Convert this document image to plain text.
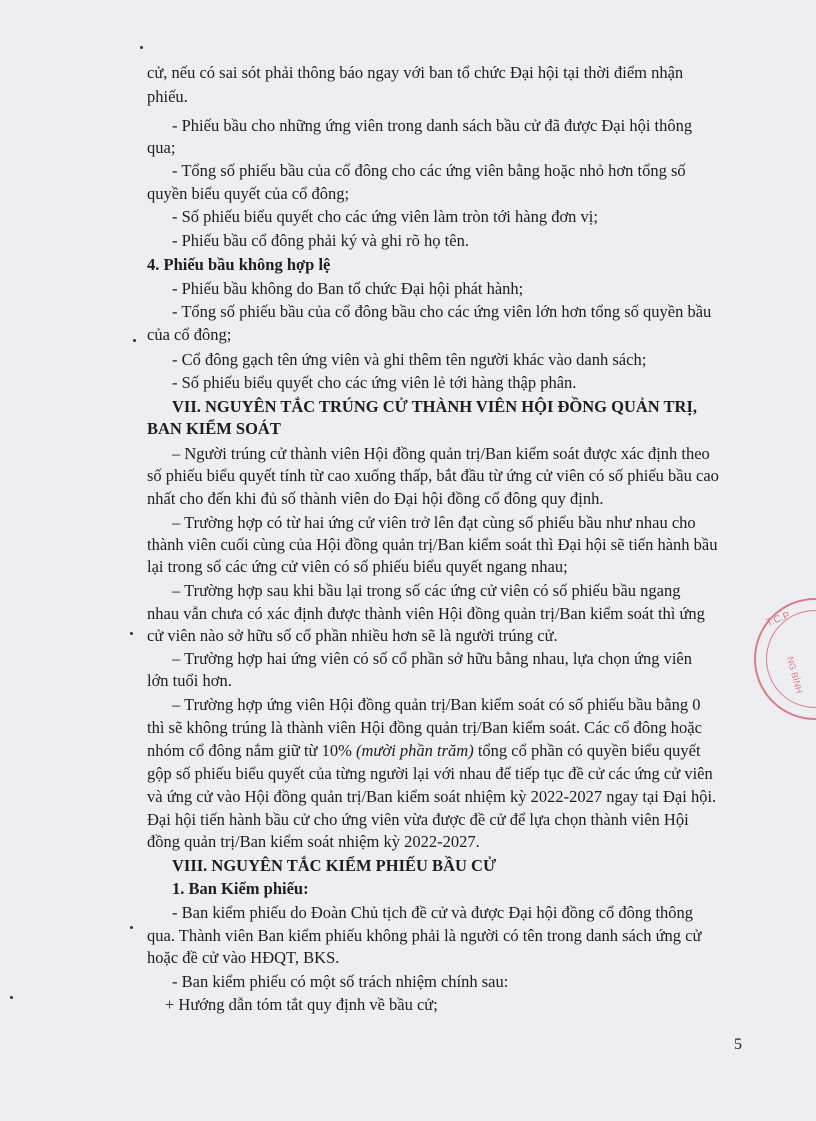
cử, nếu có sai sót phải thông báo ngay với ban tổ chức Đại hội tại thời điểm nhận

phiếu.

- Phiếu bầu cho những ứng viên trong danh sách bầu cử đã được Đại hội thông

qua;

- Tổng số phiếu bầu của cổ đông cho các ứng viên bằng hoặc nhỏ hơn tổng số

quyền biểu quyết của cổ đông;

- Số phiếu biểu quyết cho các ứng viên làm tròn tới hàng đơn vị;

- Phiếu bầu cổ đông phải ký và ghi rõ họ tên.

4. Phiếu bầu không hợp lệ

- Phiếu bầu không do Ban tổ chức Đại hội phát hành;

- Tổng số phiếu bầu của cổ đông bầu cho các ứng viên lớn hơn tổng số quyền bầu

của cổ đông;

- Cổ đông gạch tên ứng viên và ghi thêm tên người khác vào danh sách;

- Số phiếu biểu quyết cho các ứng viên lẻ tới hàng thập phân.

VII. NGUYÊN TẮC TRÚNG CỬ THÀNH VIÊN HỘI ĐỒNG QUẢN TRỊ,

BAN KIỂM SOÁT

– Người trúng cử thành viên Hội đồng quản trị/Ban kiểm soát được xác định theo

số phiếu biểu quyết tính từ cao xuống thấp, bắt đầu từ ứng cử viên có số phiếu bầu cao

nhất cho đến khi đủ số thành viên do Đại hội đồng cổ đông quy định.

– Trường hợp có từ hai ứng cử viên trở lên đạt cùng số phiếu bầu như nhau cho

thành viên cuối cùng của Hội đồng quản trị/Ban kiểm soát thì Đại hội sẽ tiến hành bầu

lại trong số các ứng cử viên có số phiếu biểu quyết ngang nhau;

– Trường hợp sau khi bầu lại trong số các ứng cử viên có số phiếu bầu ngang

nhau vẫn chưa có xác định được thành viên Hội đồng quản trị/Ban kiểm soát thì ứng

cử viên nào sở hữu số cổ phần nhiều hơn sẽ là người trúng cử.

– Trường hợp hai ứng viên có số cổ phần sở hữu bằng nhau, lựa chọn ứng viên

lớn tuổi hơn.

– Trường hợp ứng viên Hội đồng quản trị/Ban kiểm soát có số phiếu bầu bằng 0

thì sẽ không trúng là thành viên Hội đồng quản trị/Ban kiểm soát. Các cổ đông hoặc

nhóm cổ đông nắm giữ từ 10% (mười phần trăm) tổng cổ phần có quyền biểu quyết

gộp số phiếu biểu quyết của từng người lại với nhau để tiếp tục đề cử các ứng cử viên

và ứng cử vào Hội đồng quản trị/Ban kiểm soát nhiệm kỳ 2022-2027 ngay tại Đại hội.

Đại hội tiến hành bầu cử cho ứng viên vừa được đề cử để lựa chọn thành viên Hội

đồng quản trị/Ban kiểm soát nhiệm kỳ 2022-2027.

VIII. NGUYÊN TẮC KIỂM PHIẾU BẦU CỬ

1. Ban Kiểm phiếu:

- Ban kiểm phiếu do Đoàn Chủ tịch đề cử và được Đại hội đồng cổ đông thông

qua. Thành viên Ban kiểm phiếu không phải là người có tên trong danh sách ứng cử

hoặc đề cử vào HĐQT, BKS.

- Ban kiểm phiếu có một số trách nhiệm chính sau:

+ Hướng dẫn tóm tắt quy định về bầu cử;

5
T.C.P
NG BÌNH
